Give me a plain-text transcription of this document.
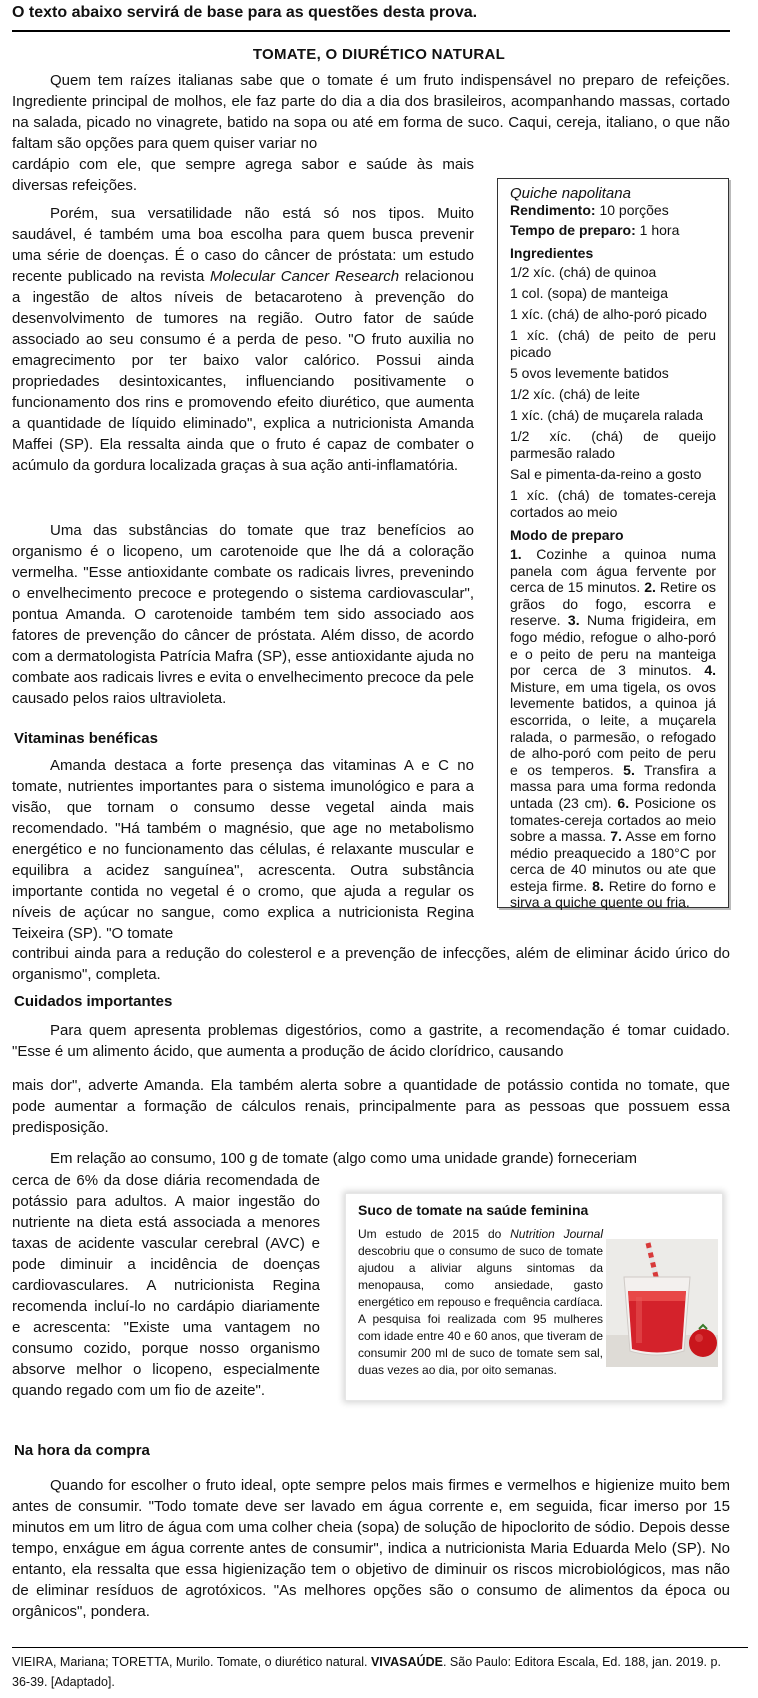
O texto abaixo servirá de base para as questões desta prova.
TOMATE, O DIURÉTICO NATURAL
Quem tem raízes italianas sabe que o tomate é um fruto indispensável no preparo de refeições. Ingrediente principal de molhos, ele faz parte do dia a dia dos brasileiros, acompanhando massas, cortado na salada, picado no vinagrete, batido na sopa ou até em forma de suco. Caqui, cereja, italiano, o que não faltam são opções para quem quiser variar no
cardápio com ele, que sempre agrega sabor e saúde às mais diversas refeições.
Porém, sua versatilidade não está só nos tipos. Muito saudável, é também uma boa escolha para quem busca prevenir uma série de doenças. É o caso do câncer de próstata: um estudo recente publicado na revista Molecular Cancer Research relacionou a ingestão de altos níveis de betacaroteno à prevenção do desenvolvimento de tumores na região. Outro fator de saúde associado ao seu consumo é a perda de peso. "O fruto auxilia no emagrecimento por ter baixo valor calórico. Possui ainda propriedades desintoxicantes, influenciando positivamente o funcionamento dos rins e promovendo efeito diurético, que aumenta a quantidade de líquido eliminado", explica a nutricionista Amanda Maffei (SP). Ela ressalta ainda que o fruto é capaz de combater o acúmulo da gordura localizada graças à sua ação anti-inflamatória.
Uma das substâncias do tomate que traz benefícios ao organismo é o licopeno, um carotenoide que lhe dá a coloração vermelha. "Esse antioxidante combate os radicais livres, prevenindo o envelhecimento precoce e protegendo o sistema cardiovascular", pontua Amanda. O carotenoide também tem sido associado aos fatores de prevenção do câncer de próstata. Além disso, de acordo com a dermatologista Patrícia Mafra (SP), esse antioxidante ajuda no combate aos radicais livres e evita o envelhecimento precoce da pele causado pelos raios ultravioleta.
Vitaminas benéficas
Amanda destaca a forte presença das vitaminas A e C no tomate, nutrientes importantes para o sistema imunológico e para a visão, que tornam o consumo desse vegetal ainda mais recomendado. "Há também o magnésio, que age no metabolismo energético e no funcionamento das células, é relaxante muscular e equilibra a acidez sanguínea", acrescenta. Outra substância importante contida no vegetal é o cromo, que ajuda a regular os níveis de açúcar no sangue, como explica a nutricionista Regina Teixeira (SP). "O tomate
contribui ainda para a redução do colesterol e a prevenção de infecções, além de eliminar ácido úrico do organismo", completa.
Cuidados importantes
Para quem apresenta problemas digestórios, como a gastrite, a recomendação é tomar cuidado. "Esse é um alimento ácido, que aumenta a produção de ácido clorídrico, causando
mais dor", adverte Amanda. Ela também alerta sobre a quantidade de potássio contida no tomate, que pode aumentar a formação de cálculos renais, principalmente para as pessoas que possuem essa predisposição.
Em relação ao consumo, 100 g de tomate (algo como uma unidade grande) forneceriam
cerca de 6% da dose diária recomendada de potássio para adultos. A maior ingestão do nutriente na dieta está associada a menores taxas de acidente vascular cerebral (AVC) e pode diminuir a incidência de doenças cardiovasculares. A nutricionista Regina recomenda incluí-lo no cardápio diariamente e acrescenta: "Existe uma vantagem no consumo cozido, porque nosso organismo absorve melhor o licopeno, especialmente quando regado com um fio de azeite".
Na hora da compra
Quando for escolher o fruto ideal, opte sempre pelos mais firmes e vermelhos e higienize muito bem antes de consumir. "Todo tomate deve ser lavado em água corrente e, em seguida, ficar imerso por 15 minutos em um litro de água com uma colher cheia (sopa) de solução de hipoclorito de sódio. Depois desse tempo, enxágue em água corrente antes de consumir", indica a nutricionista Maria Eduarda Melo (SP). No entanto, ela ressalta que essa higienização tem o objetivo de diminuir os riscos microbiológicos, mas não de eliminar resíduos de agrotóxicos. "As melhores opções são o consumo de alimentos da época ou orgânicos", pondera.
VIEIRA, Mariana; TORETTA, Murilo. Tomate, o diurético natural. VIVASAÚDE. São Paulo: Editora Escala, Ed. 188, jan. 2019. p. 36-39. [Adaptado].
Quiche napolitana
Rendimento: 10 porções
Tempo de preparo: 1 hora
Ingredientes
1/2 xíc. (chá) de quinoa
1 col. (sopa) de manteiga
1 xíc. (chá) de alho-poró picado
1 xíc. (chá) de peito de peru picado
5 ovos levemente batidos
1/2 xíc. (chá) de leite
1 xíc. (chá) de muçarela ralada
1/2 xíc. (chá) de queijo parmesão ralado
Sal e pimenta-da-reino a gosto
1 xíc. (chá) de tomates-cereja cortados ao meio
Modo de preparo
1. Cozinhe a quinoa numa panela com água fervente por cerca de 15 minutos. 2. Retire os grãos do fogo, escorra e reserve. 3. Numa frigideira, em fogo médio, refogue o alho-poró e o peito de peru na manteiga por cerca de 3 minutos. 4. Misture, em uma tigela, os ovos levemente batidos, a quinoa já escorrida, o leite, a muçarela ralada, o parmesão, o refogado de alho-poró com peito de peru e os temperos. 5. Transfira a massa para uma forma redonda untada (23 cm). 6. Posicione os tomates-cereja cortados ao meio sobre a massa. 7. Asse em forno médio preaquecido a 180°C por cerca de 40 minutos ou ate que esteja firme. 8. Retire do forno e sirva a quiche quente ou fria.
Suco de tomate na saúde feminina
Um estudo de 2015 do Nutrition Journal descobriu que o consumo de suco de tomate ajudou a aliviar alguns sintomas da menopausa, como ansiedade, gasto energético em repouso e frequência cardíaca. A pesquisa foi realizada com 95 mulheres com idade entre 40 e 60 anos, que tiveram de consumir 200 ml de suco de tomate sem sal, duas vezes ao dia, por oito semanas.
